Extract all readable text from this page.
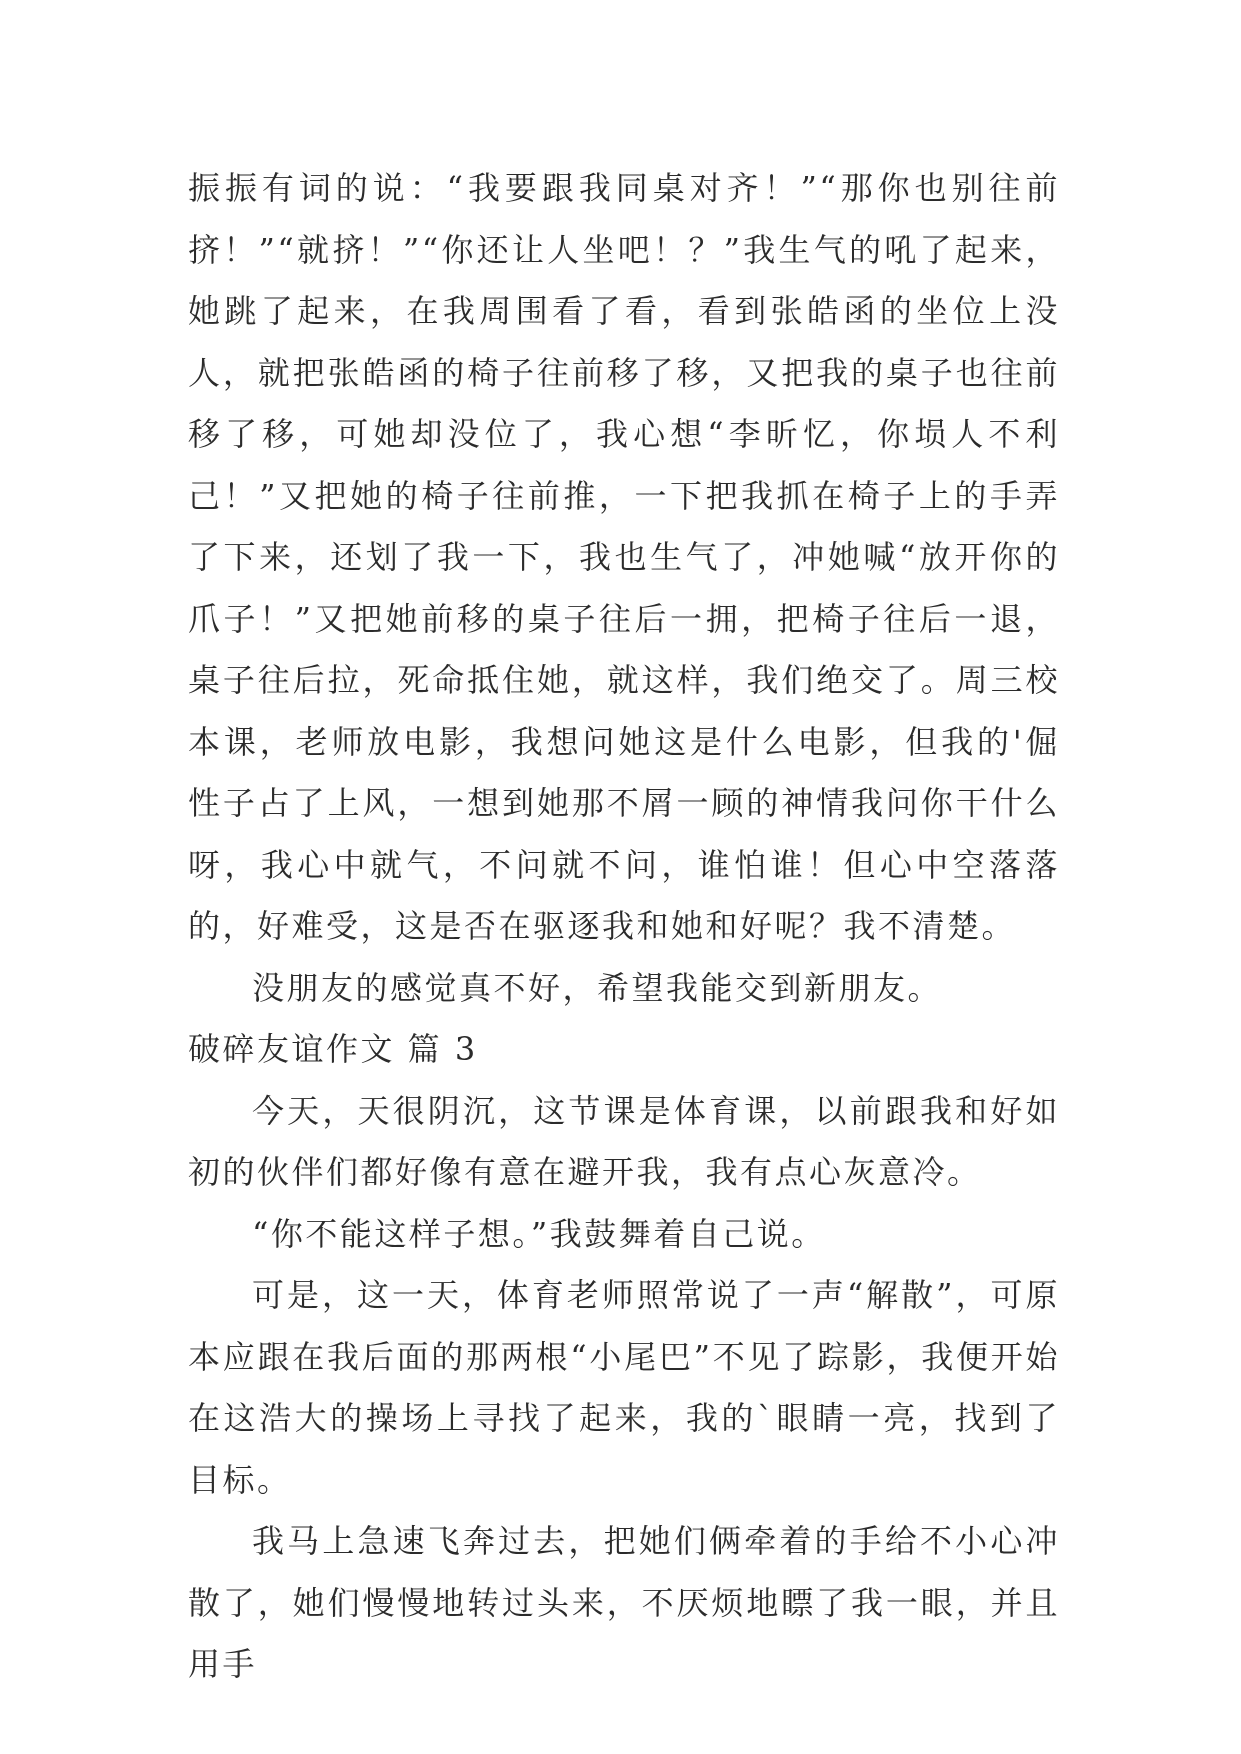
振振有词的说：“我要跟我同桌对齐！”“那你也别往前挤！”“就挤！”“你还让人坐吧！？”我生气的吼了起来，她跳了起来，在我周围看了看，看到张皓函的坐位上没人，就把张皓函的椅子往前移了移，又把我的桌子也往前移了移，可她却没位了，我心想“李昕忆，你埙人不利己！”又把她的椅子往前推，一下把我抓在椅子上的手弄了下来，还划了我一下，我也生气了，冲她喊“放开你的爪子！”又把她前移的桌子往后一拥，把椅子往后一退，桌子往后拉，死命抵住她，就这样，我们绝交了。周三校本课，老师放电影，我想问她这是什么电影，但我的'倔性子占了上风，一想到她那不屑一顾的神情我问你干什么呀，我心中就气，不问就不问，谁怕谁！但心中空落落的，好难受，这是否在驱逐我和她和好呢？我不清楚。

没朋友的感觉真不好，希望我能交到新朋友。

破碎友谊作文 篇 3

今天，天很阴沉，这节课是体育课，以前跟我和好如初的伙伴们都好像有意在避开我，我有点心灰意冷。

“你不能这样子想。”我鼓舞着自己说。

可是，这一天，体育老师照常说了一声“解散”，可原本应跟在我后面的那两根“小尾巴”不见了踪影，我便开始在这浩大的操场上寻找了起来，我的`眼睛一亮，找到了目标。

我马上急速飞奔过去，把她们俩牵着的手给不小心冲散了，她们慢慢地转过头来，不厌烦地瞟了我一眼，并且用手
